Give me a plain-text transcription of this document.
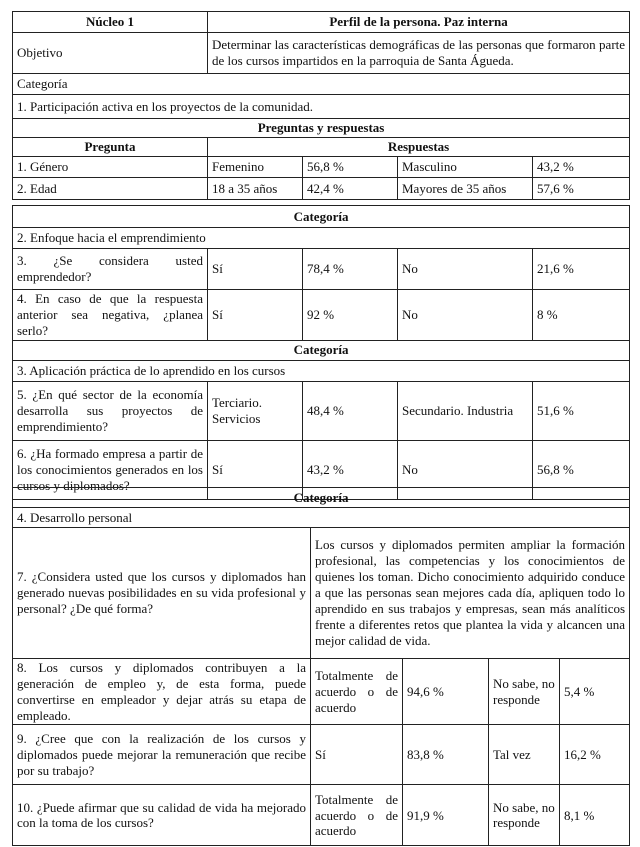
Núcleo 1	Perfil de la persona. Paz interna			
Objetivo	Determinar las características demográficas de las personas que formaron parte de los cursos impartidos en la parroquia de Santa Águeda.			
Categoría				
1. Participación activa en los proyectos de la comunidad.				
Preguntas y respuestas				
Pregunta	Respuestas			
1. Género	Femenino	56,8 %	Masculino	43,2 %
2. Edad	18 a 35 años	42,4 %	Mayores de 35 años	57,6 %
Categoría				
2. Enfoque hacia el emprendimiento				
3. ¿Se considera usted emprendedor?	Sí	78,4 %	No	21,6 %
4. En caso de que la respuesta anterior sea negativa, ¿planea serlo?	Sí	92 %	No	8 %
Categoría				
3. Aplicación práctica de lo aprendido en los cursos				
5. ¿En qué sector de la economía desarrolla sus proyectos de emprendimiento?	Terciario. Servicios	48,4 %	Secundario. Industria	51,6 %
6. ¿Ha formado empresa a partir de los conocimientos generados en los cursos y diplomados?	Sí	43,2 %	No	56,8 %
Categoría				
4. Desarrollo personal				
7. ¿Considera usted que los cursos y diplomados han generado nuevas posibilidades en su vida profesional y personal? ¿De qué forma?	Los cursos y diplomados permiten ampliar la formación profesional, las competencias y los conocimientos de quienes los toman. Dicho conocimiento adquirido conduce a que las personas sean mejores cada día, apliquen todo lo aprendido en sus trabajos y empresas, sean más analíticos frente a diferentes retos que plantea la vida y alcancen una mejor calidad de vida.			
8. Los cursos y diplomados contribuyen a la generación de empleo y, de esta forma, puede convertirse en empleador y dejar atrás su etapa de empleado.	Totalmente de acuerdo o de acuerdo	94,6 %	No sabe, no responde	5,4 %
9. ¿Cree que con la realización de los cursos y diplomados puede mejorar la remuneración que recibe por su trabajo?	Sí	83,8 %	Tal vez	16,2 %
10. ¿Puede afirmar que su calidad de vida ha mejorado con la toma de los cursos?	Totalmente de acuerdo o de acuerdo	91,9 %	No sabe, no responde	8,1 %
